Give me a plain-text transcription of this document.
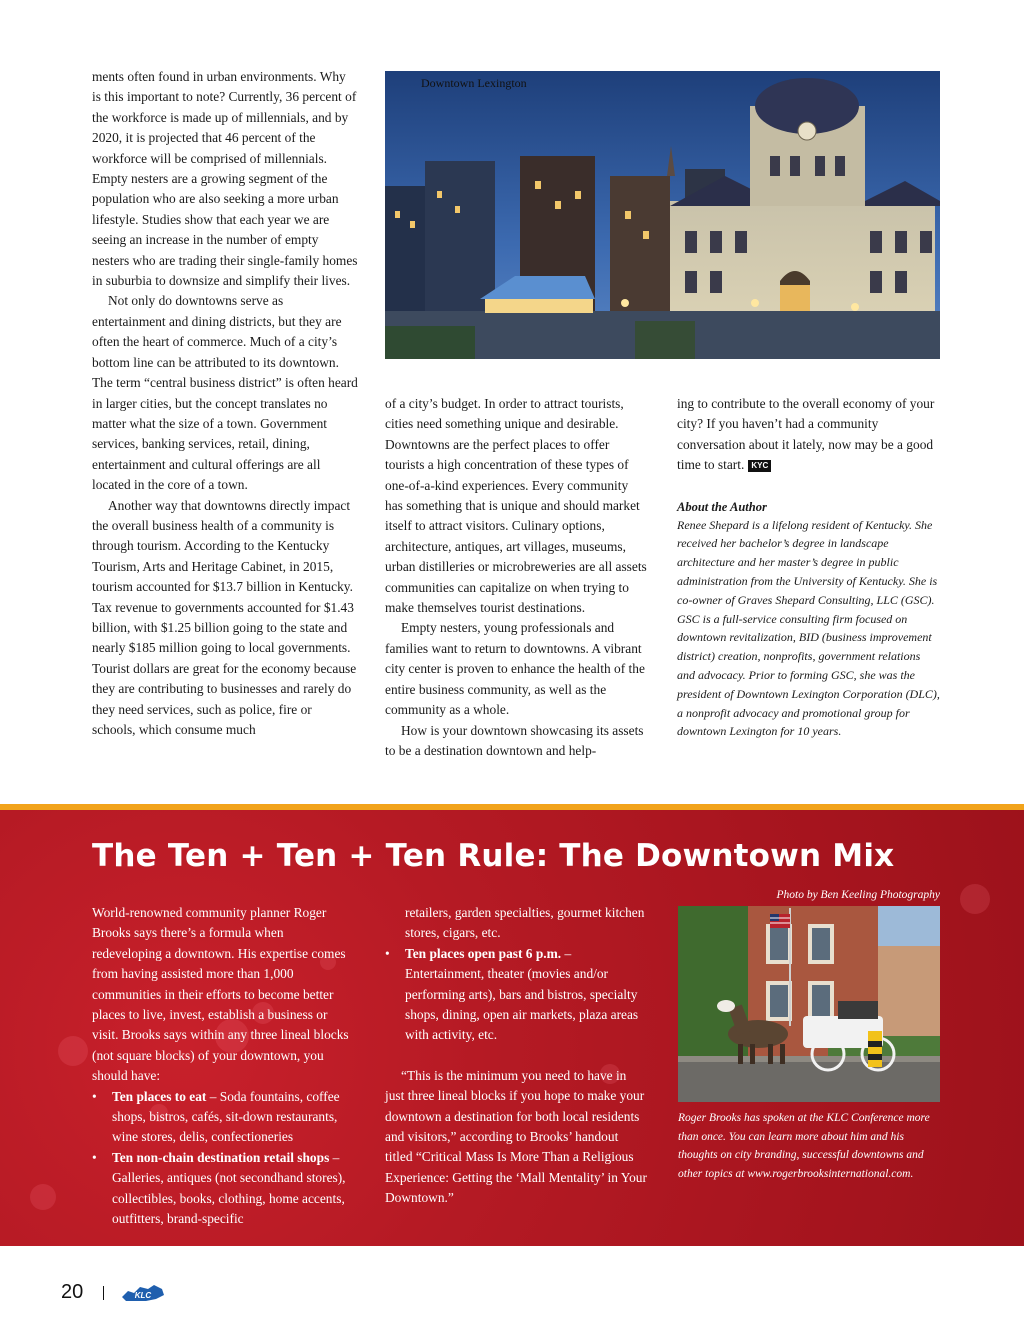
ments often found in urban environments. Why is this important to note? Currently, 36 percent of the workforce is made up of millennials, and by 2020, it is projected that 46 percent of the workforce will be comprised of millennials. Empty nesters are a growing segment of the population who are also seeking a more urban lifestyle. Studies show that each year we are seeing an increase in the number of empty nesters who are trading their single-family homes in suburbia to downsize and simplify their lives.

Not only do downtowns serve as entertainment and dining districts, but they are often the heart of commerce. Much of a city’s bottom line can be attributed to its downtown. The term “central business district” is often heard in larger cities, but the concept translates no matter what the size of a town. Government services, banking services, retail, dining, entertainment and cultural offerings are all located in the core of a town.

Another way that downtowns directly impact the overall business health of a community is through tourism. According to the Kentucky Tourism, Arts and Heritage Cabinet, in 2015, tourism accounted for $13.7 billion in Kentucky. Tax revenue to governments accounted for $1.43 billion, with $1.25 billion going to the state and nearly $185 million going to local governments. Tourist dollars are great for the economy because they are contributing to businesses and rarely do they need services, such as police, fire or schools, which consume much

Downtown Lexington

of a city’s budget. In order to attract tourists, cities need something unique and desirable. Downtowns are the perfect places to offer tourists a high concentration of these types of one-of-a-kind experiences. Every community has something that is unique and should market itself to attract visitors. Culinary options, architecture, antiques, art villages, museums, urban distilleries or microbreweries are all assets communities can capitalize on when trying to make themselves tourist destinations.

Empty nesters, young professionals and families want to return to downtowns. A vibrant city center is proven to enhance the health of the entire business community, as well as the community as a whole.

How is your downtown showcasing its assets to be a destination downtown and help-

ing to contribute to the overall economy of your city? If you haven’t had a community conversation about it lately, now may be a good time to start. KYC

About the Author
Renee Shepard is a lifelong resident of Kentucky. She received her bachelor’s degree in landscape architecture and her master’s degree in public administration from the University of Kentucky. She is co-owner of Graves Shepard Consulting, LLC (GSC). GSC is a full-service consulting firm focused on downtown revitalization, BID (business improvement district) creation, nonprofits, government relations and advocacy. Prior to forming GSC, she was the president of Downtown Lexington Corporation (DLC), a nonprofit advocacy and promotional group for downtown Lexington for 10 years.
The Ten + Ten + Ten Rule: The Downtown Mix

World-renowned community planner Roger Brooks says there’s a formula when redeveloping a downtown. His expertise comes from having assisted more than 1,000 communities in their efforts to become better places to live, invest, establish a business or visit. Brooks says within any three lineal blocks (not square blocks) of your downtown, you should have:

• Ten places to eat – Soda fountains, coffee shops, bistros, cafés, sit-down restaurants, wine stores, delis, confectioneries

• Ten non-chain destination retail shops – Galleries, antiques (not secondhand stores), collectibles, books, clothing, home accents, outfitters, brand-specific

retailers, garden specialties, gourmet kitchen stores, cigars, etc.

• Ten places open past 6 p.m. – Entertainment, theater (movies and/or performing arts), bars and bistros, specialty shops, dining, open air markets, plaza areas with activity, etc.

“This is the minimum you need to have in just three lineal blocks if you hope to make your downtown a destination for both local residents and visitors,” according to Brooks’ handout titled “Critical Mass Is More Than a Religious Experience: Getting the ‘Mall Mentality’ in Your Downtown.”

Photo by Ben Keeling Photography
Roger Brooks has spoken at the KLC Conference more than once. You can learn more about him and his thoughts on city branding, successful downtowns and other topics at www.rogerbrooksinternational.com.
20	KLC
